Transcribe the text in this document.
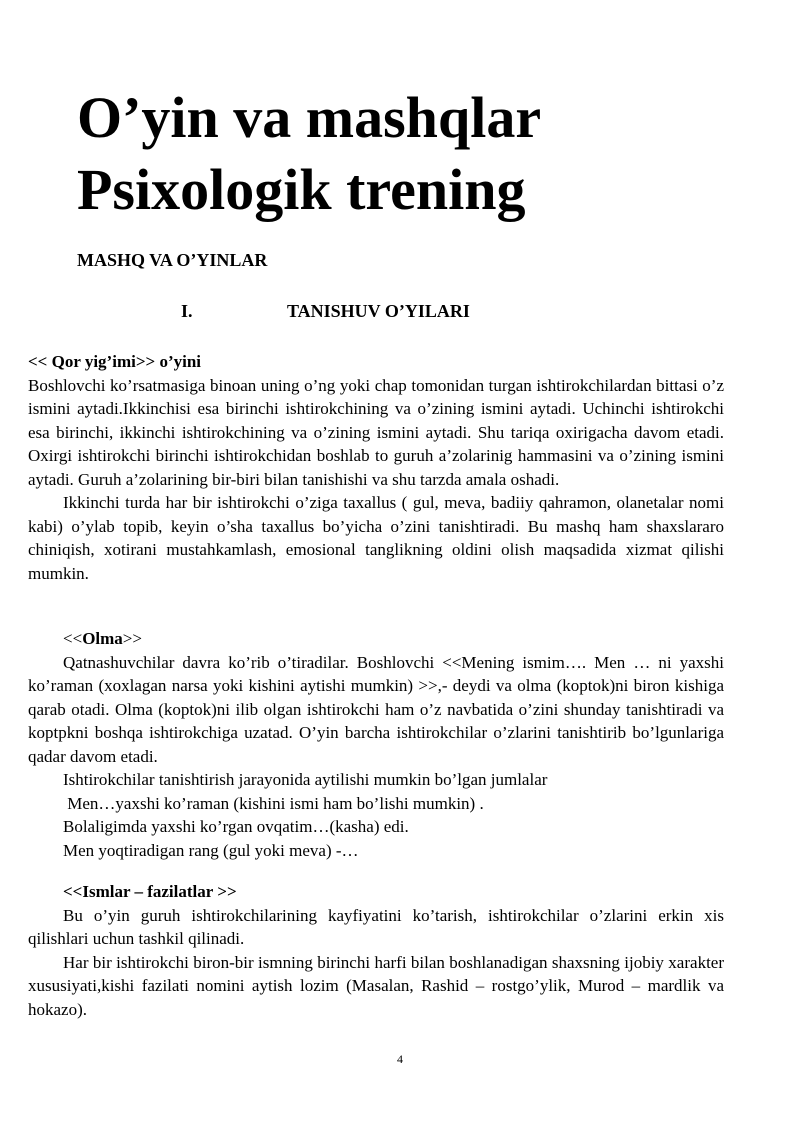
O’yin va mashqlar
Psixologik trening
MASHQ VA O’YINLAR
I.	TANISHUV O’YILARI

<< Qor yig’imi>> o’yini

Boshlovchi ko’rsatmasiga binoan uning o’ng yoki chap tomonidan turgan ishtirokchilardan bittasi o’z ismini aytadi.Ikkinchisi esa birinchi ishtirokchining va o’zining ismini aytadi. Uchinchi ishtirokchi esa birinchi, ikkinchi ishtirokchining va o’zining ismini aytadi. Shu tariqa oxirigacha davom etadi. Oxirgi ishtirokchi birinchi ishtirokchidan boshlab to guruh a’zolarinig hammasini va o’zining ismini aytadi. Guruh a’zolarining bir-biri bilan tanishishi va shu tarzda amala oshadi.

Ikkinchi turda har bir ishtirokchi o’ziga taxallus ( gul, meva, badiiy qahramon, olanetalar nomi kabi) o’ylab topib, keyin o’sha taxallus bo’yicha o’zini tanishtiradi. Bu mashq ham shaxslararo chiniqish, xotirani mustahkamlash, emosional tanglikning oldini olish maqsadida xizmat qilishi mumkin.

<<Olma>>

Qatnashuvchilar davra ko’rib o’tiradilar. Boshlovchi <<Mening ismim…. Men … ni yaxshi ko’raman (xoxlagan narsa yoki kishini aytishi mumkin) >>,- deydi va olma (koptok)ni biron kishiga qarab otadi. Olma (koptok)ni ilib olgan ishtirokchi ham o’z navbatida o’zini shunday tanishtiradi va koptpkni boshqa ishtirokchiga uzatad. O’yin barcha ishtirokchilar o’zlarini tanishtirib bo’lgunlariga qadar davom etadi.

Ishtirokchilar tanishtirish jarayonida aytilishi mumkin bo’lgan jumlalar

Men…yaxshi ko’raman (kishini ismi ham bo’lishi mumkin) .

Bolaligimda yaxshi ko’rgan ovqatim…(kasha) edi.

Men yoqtiradigan rang (gul yoki meva) -…

<<Ismlar – fazilatlar >>

Bu o’yin guruh ishtirokchilarining kayfiyatini ko’tarish, ishtirokchilar o’zlarini erkin xis qilishlari uchun tashkil qilinadi.

Har bir ishtirokchi biron-bir ismning birinchi harfi bilan boshlanadigan shaxsning ijobiy xarakter xususiyati,kishi fazilati nomini aytish lozim (Masalan, Rashid – rostgo’ylik, Murod – mardlik va hokazo).

4
